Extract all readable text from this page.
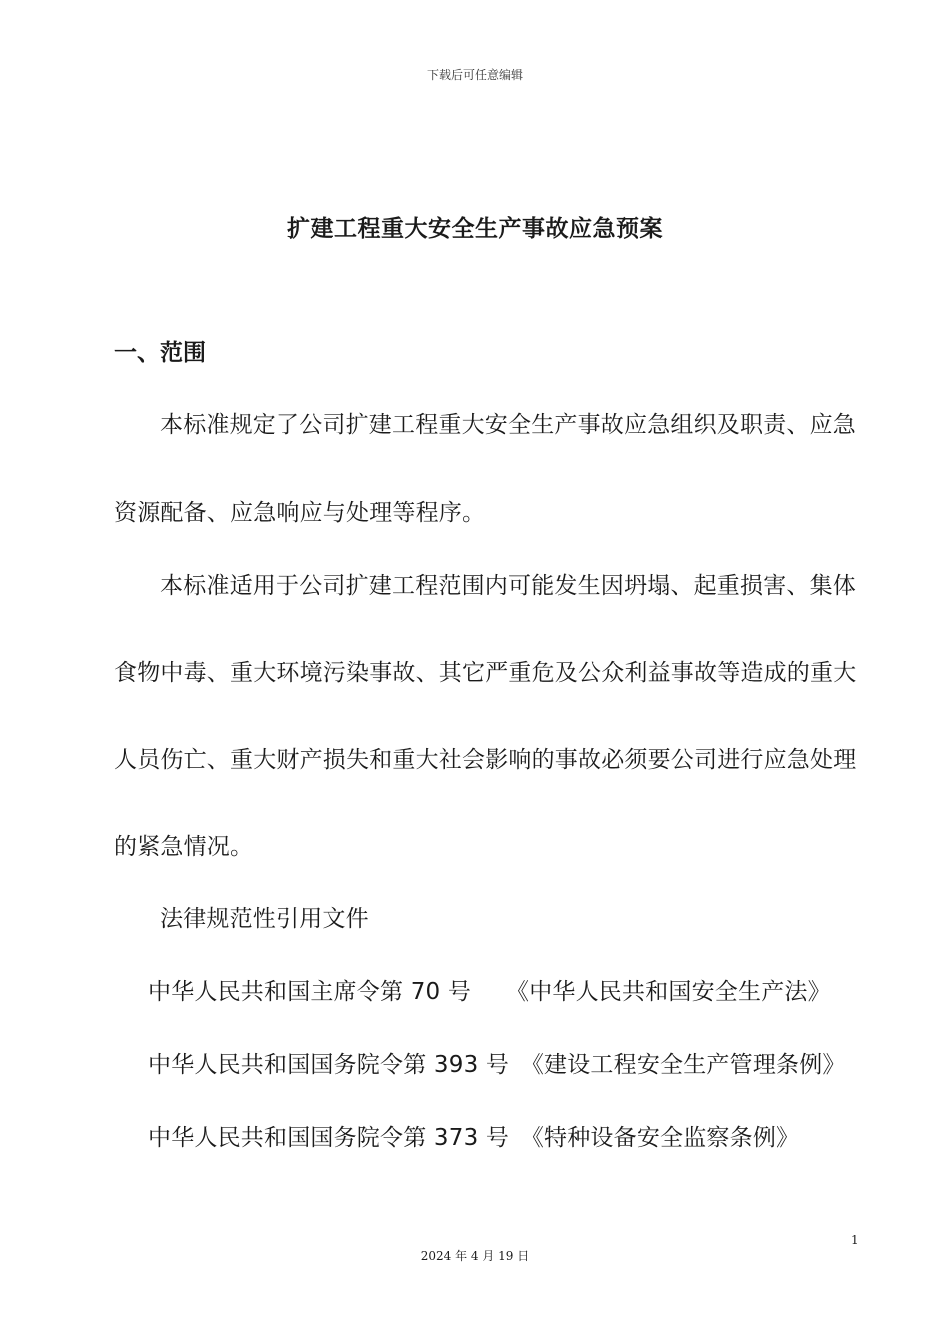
下载后可任意编辑
扩建工程重大安全生产事故应急预案
一、范围
本标准规定了公司扩建工程重大安全生产事故应急组织及职责、应急
资源配备、应急响应与处理等程序。
本标准适用于公司扩建工程范围内可能发生因坍塌、起重损害、集体
食物中毒、重大环境污染事故、其它严重危及公众利益事故等造成的重大
人员伤亡、重大财产损失和重大社会影响的事故必须要公司进行应急处理
的紧急情况。
法律规范性引用文件
中华人民共和国主席令第 70 号　　《中华人民共和国安全生产法》
中华人民共和国国务院令第 393 号　《建设工程安全生产管理条例》
中华人民共和国国务院令第 373 号　《特种设备安全监察条例》
1
2024 年 4 月 19 日
